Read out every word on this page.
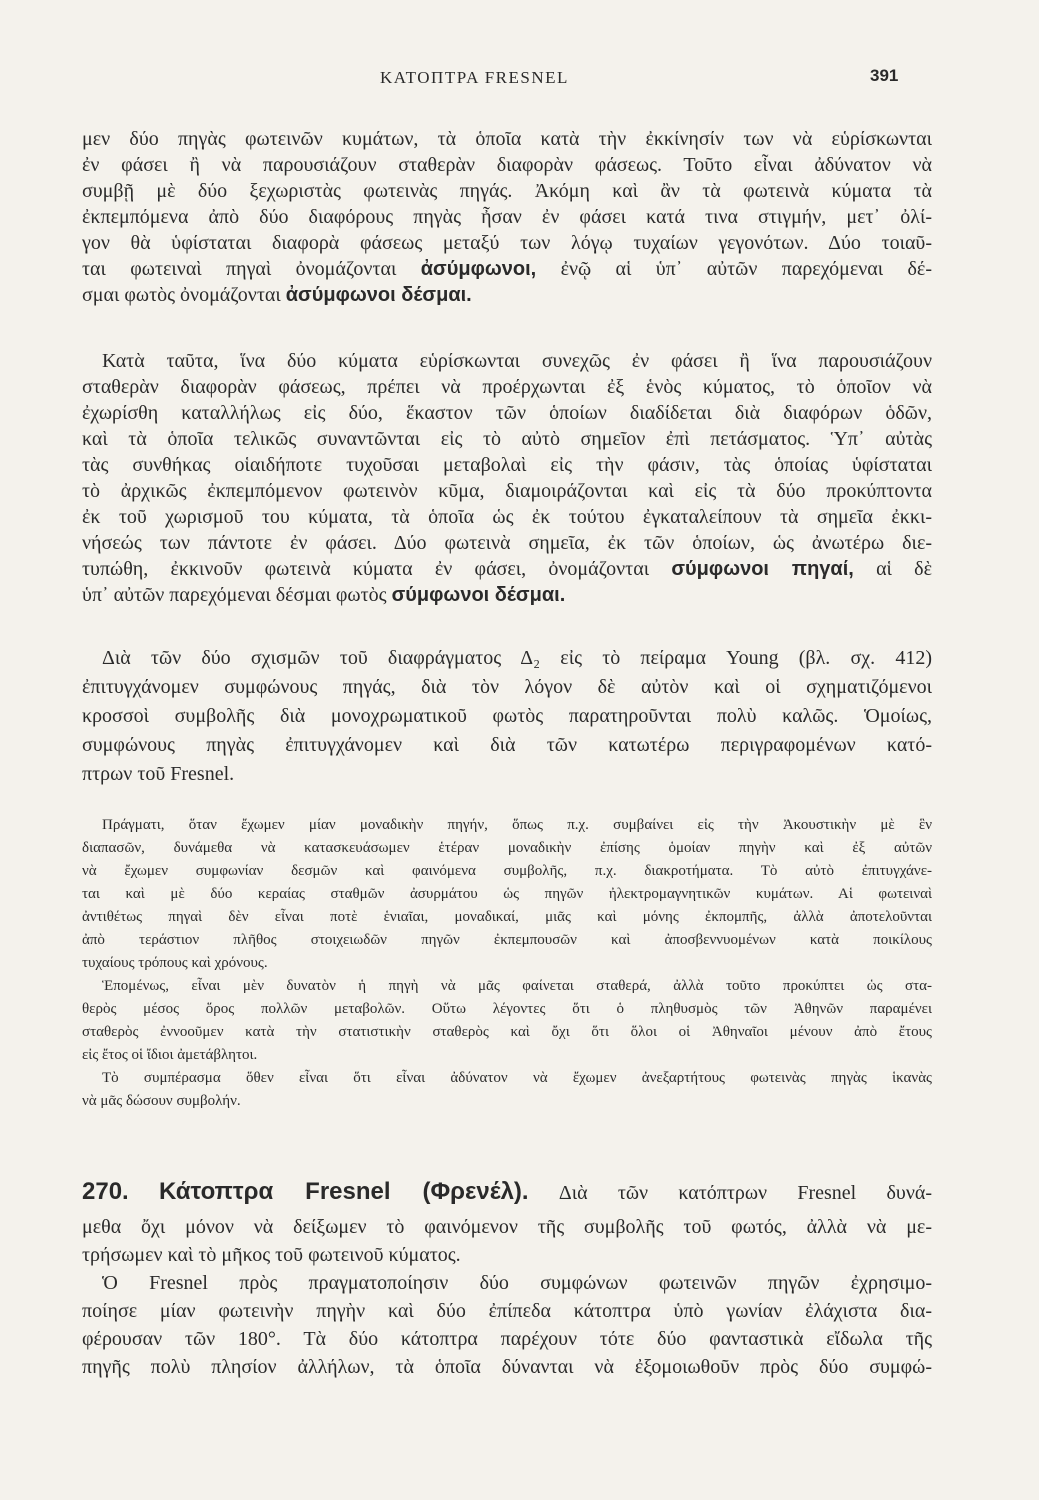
ΚΑΤΟΠΤΡΑ FRESNEL	391
μεν δύο πηγὰς φωτεινῶν κυμάτων, τὰ ὁποῖα κατὰ τὴν ἐκκίνησίν των νὰ εὑρίσκωνται
ἐν φάσει ἢ νὰ παρουσιάζουν σταθερὰν διαφορὰν φάσεως. Τοῦτο εἶναι ἀδύνατον νὰ
συμβῇ μὲ δύο ξεχωριστὰς φωτεινὰς πηγάς. Ἀκόμη καὶ ἂν τὰ φωτεινὰ κύματα τὰ
ἐκπεμπόμενα ἀπὸ δύο διαφόρους πηγὰς ἦσαν ἐν φάσει κατά τινα στιγμήν, μετ᾽ ὀλί-
γον θὰ ὑφίσταται διαφορὰ φάσεως μεταξύ των λόγῳ τυχαίων γεγονότων. Δύο τοιαῦ-
ται φωτειναὶ πηγαὶ ὀνομάζονται ἀσύμφωνοι, ἐνῷ αἱ ὑπ᾽ αὐτῶν παρεχόμεναι δέ-
σμαι φωτὸς ὀνομάζονται ἀσύμφωνοι δέσμαι.
Κατὰ ταῦτα, ἵνα δύο κύματα εὑρίσκωνται συνεχῶς ἐν φάσει ἢ ἵνα παρουσιάζουν
σταθερὰν διαφορὰν φάσεως, πρέπει νὰ προέρχωνται ἐξ ἑνὸς κύματος, τὸ ὁποῖον νὰ
ἐχωρίσθη καταλλήλως εἰς δύο, ἕκαστον τῶν ὁποίων διαδίδεται διὰ διαφόρων ὁδῶν,
καὶ τὰ ὁποῖα τελικῶς συναντῶνται εἰς τὸ αὐτὸ σημεῖον ἐπὶ πετάσματος. Ὑπ᾽ αὐτὰς
τὰς συνθήκας οἱαιδήποτε τυχοῦσαι μεταβολαὶ εἰς τὴν φάσιν, τὰς ὁποίας ὑφίσταται
τὸ ἀρχικῶς ἐκπεμπόμενον φωτεινὸν κῦμα, διαμοιράζονται καὶ εἰς τὰ δύο προκύπτοντα
ἐκ τοῦ χωρισμοῦ του κύματα, τὰ ὁποῖα ὡς ἐκ τούτου ἐγκαταλείπουν τὰ σημεῖα ἐκκι-
νήσεώς των πάντοτε ἐν φάσει. Δύο φωτεινὰ σημεῖα, ἐκ τῶν ὁποίων, ὡς ἀνωτέρω διε-
τυπώθη, ἐκκινοῦν φωτεινὰ κύματα ἐν φάσει, ὀνομάζονται σύμφωνοι πηγαί, αἱ δὲ
ὑπ᾽ αὐτῶν παρεχόμεναι δέσμαι φωτὸς σύμφωνοι δέσμαι.
Διὰ τῶν δύο σχισμῶν τοῦ διαφράγματος Δ₂ εἰς τὸ πείραμα Young (βλ. σχ. 412)
ἐπιτυγχάνομεν συμφώνους πηγάς, διὰ τὸν λόγον δὲ αὐτὸν καὶ οἱ σχηματιζόμενοι
κροσσοὶ συμβολῆς διὰ μονοχρωματικοῦ φωτὸς παρατηροῦνται πολὺ καλῶς. Ὁμοίως,
συμφώνους πηγὰς ἐπιτυγχάνομεν καὶ διὰ τῶν κατωτέρω περιγραφομένων κατό-
πτρων τοῦ Fresnel.
Πράγματι, ὅταν ἔχωμεν μίαν μοναδικὴν πηγήν, ὅπως π.χ. συμβαίνει εἰς τὴν Ἀκουστικὴν μὲ ἓν
διαπασῶν, δυνάμεθα νὰ κατασκευάσωμεν ἑτέραν μοναδικὴν ἐπίσης ὁμοίαν πηγὴν καὶ ἐξ αὐτῶν
νὰ ἔχωμεν συμφωνίαν δεσμῶν καὶ φαινόμενα συμβολῆς, π.χ. διακροτήματα. Τὸ αὐτὸ ἐπιτυγχάνε-
ται καὶ μὲ δύο κεραίας σταθμῶν ἀσυρμάτου ὡς πηγῶν ἠλεκτρομαγνητικῶν κυμάτων. Αἱ φωτειναὶ
ἀντιθέτως πηγαὶ δὲν εἶναι ποτὲ ἑνιαῖαι, μοναδικαί, μιᾶς καὶ μόνης ἐκπομπῆς, ἀλλὰ ἀποτελοῦνται
ἀπὸ τεράστιον πλῆθος στοιχειωδῶν πηγῶν ἐκπεμπουσῶν καὶ ἀποσβεννυομένων κατὰ ποικίλους
τυχαίους τρόπους καὶ χρόνους.
Ἑπομένως, εἶναι μὲν δυνατὸν ἡ πηγὴ νὰ μᾶς φαίνεται σταθερά, ἀλλὰ τοῦτο προκύπτει ὡς στα-
θερὸς μέσος ὅρος πολλῶν μεταβολῶν. Οὕτω λέγοντες ὅτι ὁ πληθυσμὸς τῶν Ἀθηνῶν παραμένει
σταθερὸς ἐννοοῦμεν κατὰ τὴν στατιστικὴν σταθερὸς καὶ ὄχι ὅτι ὅλοι οἱ Ἀθηναῖοι μένουν ἀπὸ ἔτους
εἰς ἔτος οἱ ἴδιοι ἀμετάβλητοι.
Τὸ συμπέρασμα ὅθεν εἶναι ὅτι εἶναι ἀδύνατον νὰ ἔχωμεν ἀνεξαρτήτους φωτεινὰς πηγὰς ἱκανὰς
νὰ μᾶς δώσουν συμβολήν.
270. Κάτοπτρα Fresnel (Φρενέλ). Διὰ τῶν κατόπτρων Fresnel δυνά-
μεθα ὄχι μόνον νὰ δείξωμεν τὸ φαινόμενον τῆς συμβολῆς τοῦ φωτός, ἀλλὰ νὰ με-
τρήσωμεν καὶ τὸ μῆκος τοῦ φωτεινοῦ κύματος.
Ὁ Fresnel πρὸς πραγματοποίησιν δύο συμφώνων φωτεινῶν πηγῶν ἐχρησιμο-
ποίησε μίαν φωτεινὴν πηγὴν καὶ δύο ἐπίπεδα κάτοπτρα ὑπὸ γωνίαν ἐλάχιστα δια-
φέρουσαν τῶν 180°. Τὰ δύο κάτοπτρα παρέχουν τότε δύο φανταστικὰ εἴδωλα τῆς
πηγῆς πολὺ πλησίον ἀλλήλων, τὰ ὁποῖα δύνανται νὰ ἐξομοιωθοῦν πρὸς δύο συμφώ-
